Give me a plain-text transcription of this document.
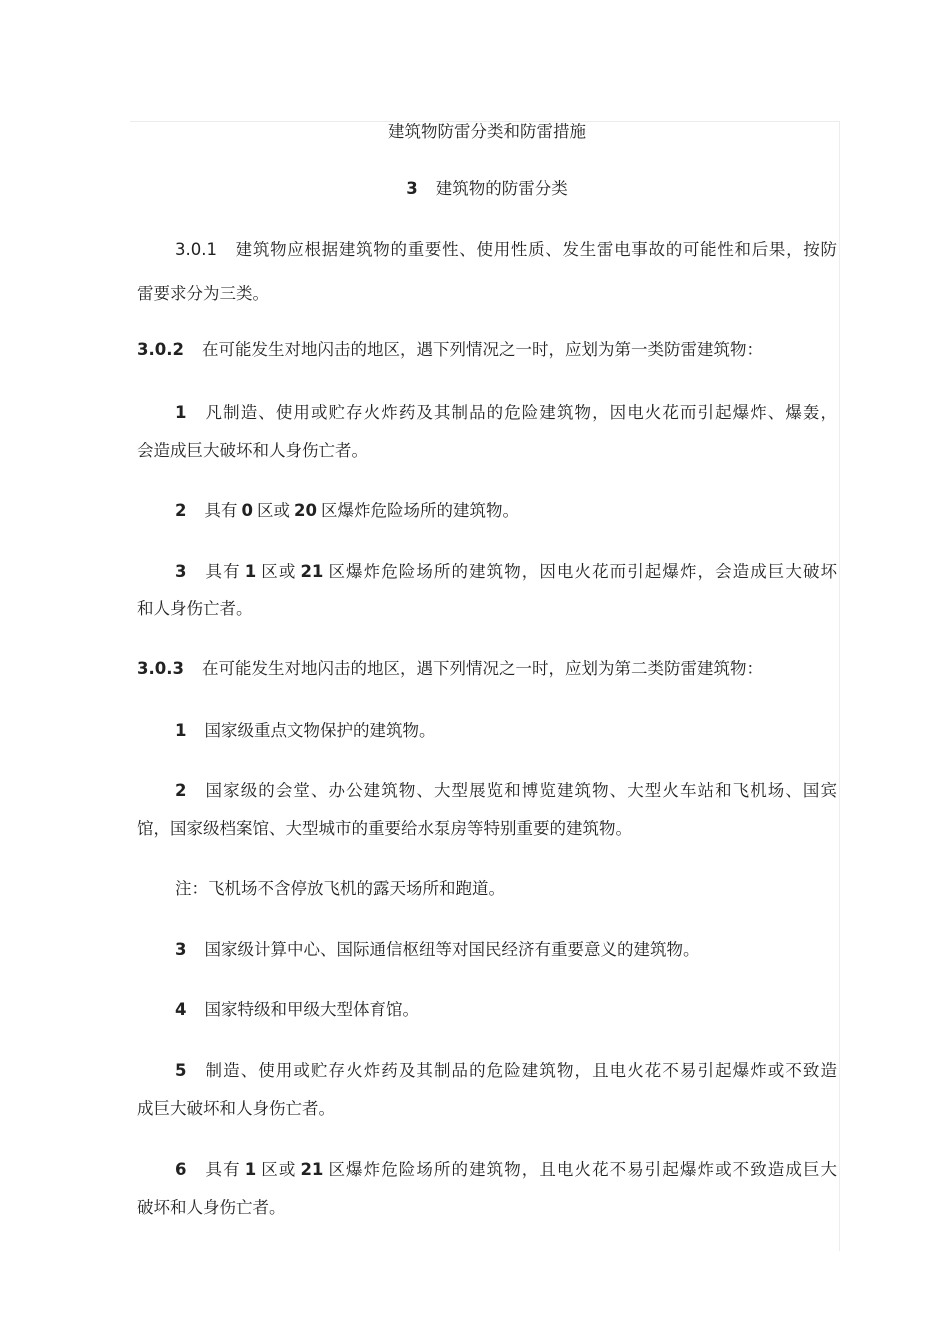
建筑物防雷分类和防雷措施
3 建筑物的防雷分类
3.0.1 建筑物应根据建筑物的重要性、使用性质、发生雷电事故的可能性和后果，按防
雷要求分为三类。
3.0.2 在可能发生对地闪击的地区，遇下列情况之一时，应划为第一类防雷建筑物：
1 凡制造、使用或贮存火炸药及其制品的危险建筑物，因电火花而引起爆炸、爆轰，
会造成巨大破坏和人身伤亡者。
2 具有 0 区或 20 区爆炸危险场所的建筑物。
3 具有 1 区或 21 区爆炸危险场所的建筑物，因电火花而引起爆炸，会造成巨大破坏
和人身伤亡者。
3.0.3 在可能发生对地闪击的地区，遇下列情况之一时，应划为第二类防雷建筑物：
1 国家级重点文物保护的建筑物。
2 国家级的会堂、办公建筑物、大型展览和博览建筑物、大型火车站和飞机场、国宾
馆，国家级档案馆、大型城市的重要给水泵房等特别重要的建筑物。
注：飞机场不含停放飞机的露天场所和跑道。
3 国家级计算中心、国际通信枢纽等对国民经济有重要意义的建筑物。
4 国家特级和甲级大型体育馆。
5 制造、使用或贮存火炸药及其制品的危险建筑物，且电火花不易引起爆炸或不致造
成巨大破坏和人身伤亡者。
6 具有 1 区或 21 区爆炸危险场所的建筑物，且电火花不易引起爆炸或不致造成巨大
破坏和人身伤亡者。
